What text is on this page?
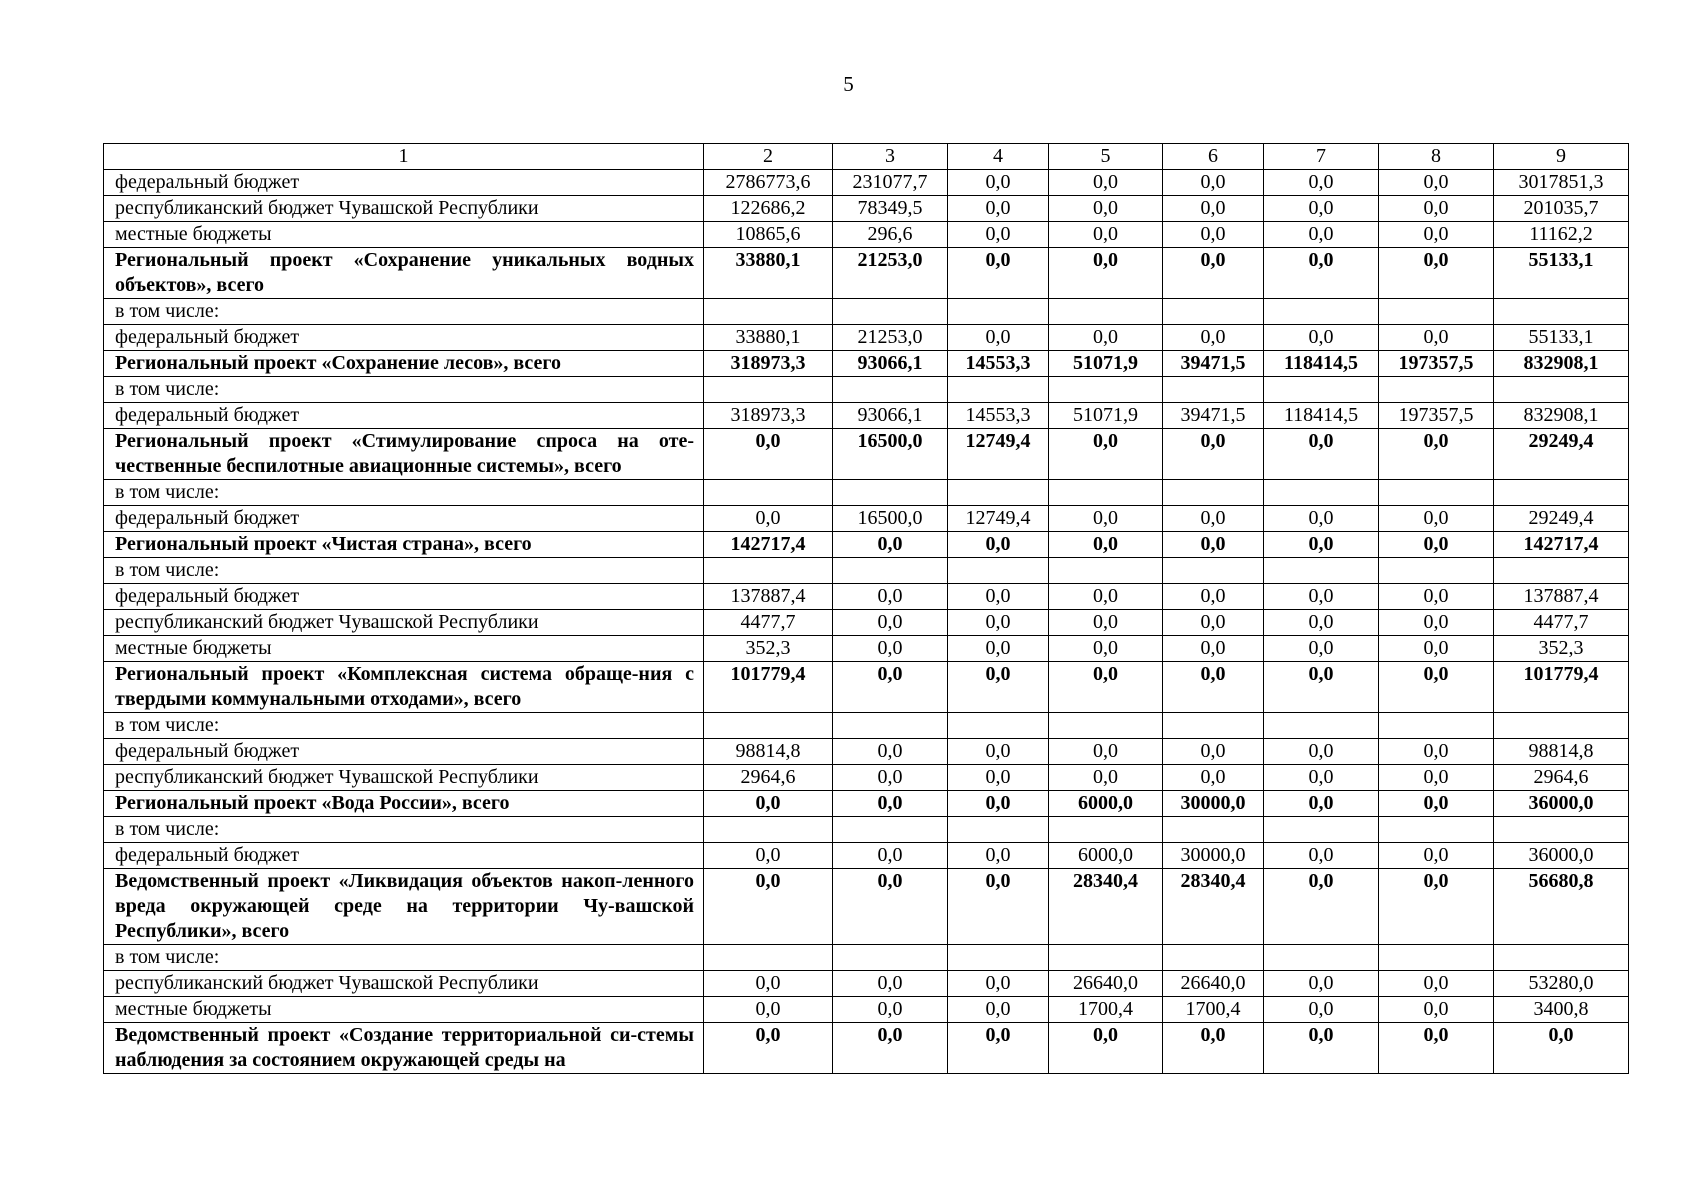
5
1	2	3	4	5	6	7	8	9
федеральный бюджет	2786773,6	231077,7	0,0	0,0	0,0	0,0	0,0	3017851,3
республиканский бюджет Чувашской Республики	122686,2	78349,5	0,0	0,0	0,0	0,0	0,0	201035,7
местные бюджеты	10865,6	296,6	0,0	0,0	0,0	0,0	0,0	11162,2
Региональный проект «Сохранение уникальных водных объектов», всего	33880,1	21253,0	0,0	0,0	0,0	0,0	0,0	55133,1
в том числе:								
федеральный бюджет	33880,1	21253,0	0,0	0,0	0,0	0,0	0,0	55133,1
Региональный проект «Сохранение лесов», всего	318973,3	93066,1	14553,3	51071,9	39471,5	118414,5	197357,5	832908,1
в том числе:								
федеральный бюджет	318973,3	93066,1	14553,3	51071,9	39471,5	118414,5	197357,5	832908,1
Региональный проект «Стимулирование спроса на оте-чественные беспилотные авиационные системы», всего	0,0	16500,0	12749,4	0,0	0,0	0,0	0,0	29249,4
в том числе:								
федеральный бюджет	0,0	16500,0	12749,4	0,0	0,0	0,0	0,0	29249,4
Региональный проект «Чистая страна», всего	142717,4	0,0	0,0	0,0	0,0	0,0	0,0	142717,4
в том числе:								
федеральный бюджет	137887,4	0,0	0,0	0,0	0,0	0,0	0,0	137887,4
республиканский бюджет Чувашской Республики	4477,7	0,0	0,0	0,0	0,0	0,0	0,0	4477,7
местные бюджеты	352,3	0,0	0,0	0,0	0,0	0,0	0,0	352,3
Региональный проект «Комплексная система обраще-ния с твердыми коммунальными отходами», всего	101779,4	0,0	0,0	0,0	0,0	0,0	0,0	101779,4
в том числе:								
федеральный бюджет	98814,8	0,0	0,0	0,0	0,0	0,0	0,0	98814,8
республиканский бюджет Чувашской Республики	2964,6	0,0	0,0	0,0	0,0	0,0	0,0	2964,6
Региональный проект «Вода России», всего	0,0	0,0	0,0	6000,0	30000,0	0,0	0,0	36000,0
в том числе:								
федеральный бюджет	0,0	0,0	0,0	6000,0	30000,0	0,0	0,0	36000,0
Ведомственный проект «Ликвидация объектов накоп-ленного вреда окружающей среде на территории Чу-вашской Республики», всего	0,0	0,0	0,0	28340,4	28340,4	0,0	0,0	56680,8
в том числе:								
республиканский бюджет Чувашской Республики	0,0	0,0	0,0	26640,0	26640,0	0,0	0,0	53280,0
местные бюджеты	0,0	0,0	0,0	1700,4	1700,4	0,0	0,0	3400,8
Ведомственный проект «Создание территориальной си-стемы наблюдения за состоянием окружающей среды на	0,0	0,0	0,0	0,0	0,0	0,0	0,0	0,0
